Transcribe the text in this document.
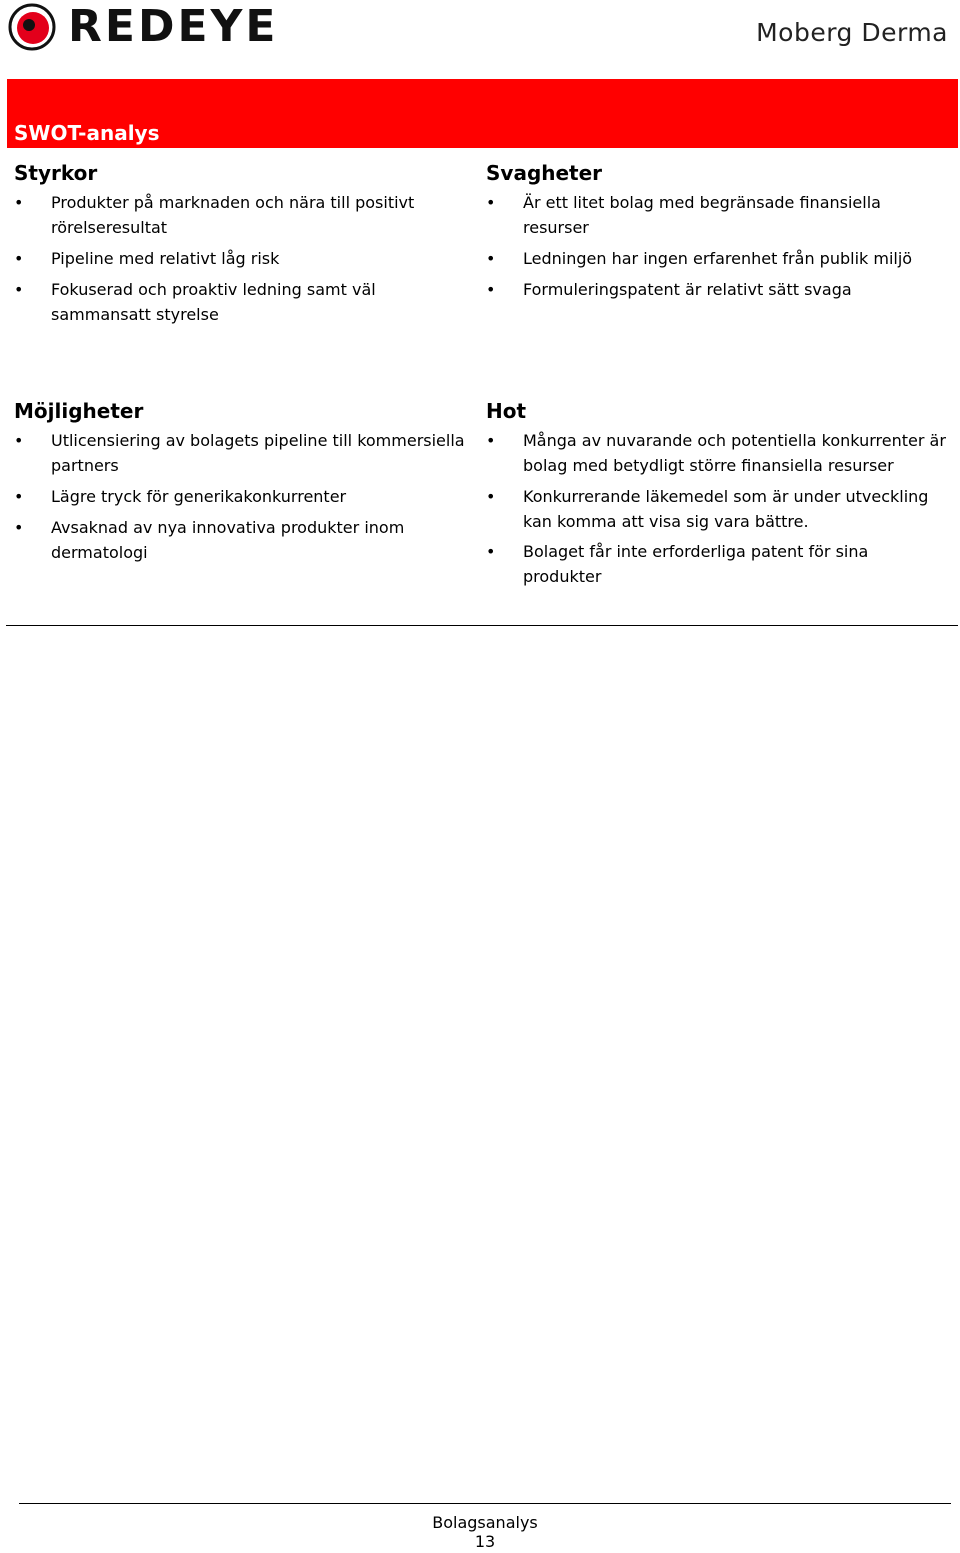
REDEYE	Moberg Derma
SWOT-analys
Styrkor
• Produkter på marknaden och nära till positivt rörelseresultat
• Pipeline med relativt låg risk
• Fokuserad och proaktiv ledning samt väl sammansatt styrelse
Svagheter
• Är ett litet bolag med begränsade finansiella resurser
• Ledningen har ingen erfarenhet från publik miljö
• Formuleringspatent är relativt sätt svaga
Möjligheter
• Utlicensiering av bolagets pipeline till kommersiella partners
• Lägre tryck för generikakonkurrenter
• Avsaknad av nya innovativa produkter inom dermatologi
Hot
• Många av nuvarande och potentiella konkurrenter är bolag med betydligt större finansiella resurser
• Konkurrerande läkemedel som är under utveckling kan komma att visa sig vara bättre.
• Bolaget får inte erforderliga patent för sina produkter
Bolagsanalys
13
